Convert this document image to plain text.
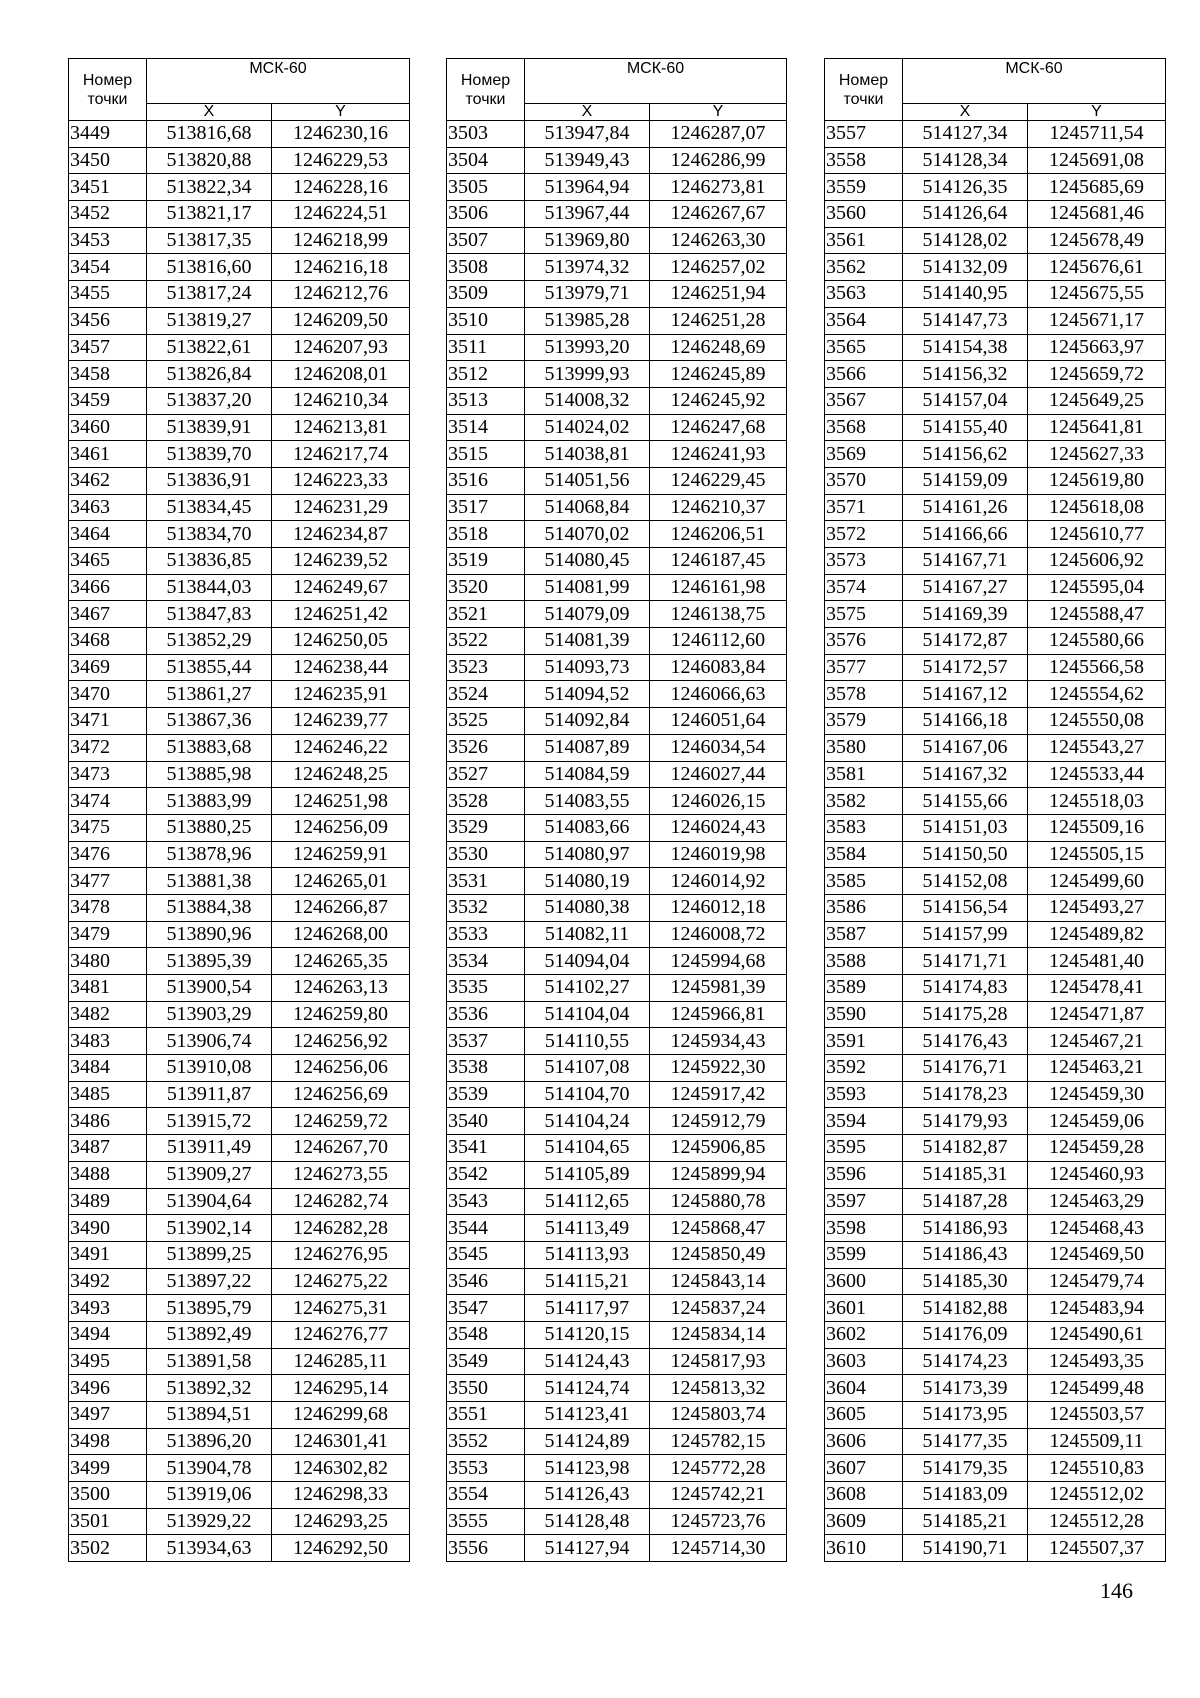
Номер
точки	МСК-60	
	X	Y
3449	513816,68	1246230,16
3450	513820,88	1246229,53
3451	513822,34	1246228,16
3452	513821,17	1246224,51
3453	513817,35	1246218,99
3454	513816,60	1246216,18
3455	513817,24	1246212,76
3456	513819,27	1246209,50
3457	513822,61	1246207,93
3458	513826,84	1246208,01
3459	513837,20	1246210,34
3460	513839,91	1246213,81
3461	513839,70	1246217,74
3462	513836,91	1246223,33
3463	513834,45	1246231,29
3464	513834,70	1246234,87
3465	513836,85	1246239,52
3466	513844,03	1246249,67
3467	513847,83	1246251,42
3468	513852,29	1246250,05
3469	513855,44	1246238,44
3470	513861,27	1246235,91
3471	513867,36	1246239,77
3472	513883,68	1246246,22
3473	513885,98	1246248,25
3474	513883,99	1246251,98
3475	513880,25	1246256,09
3476	513878,96	1246259,91
3477	513881,38	1246265,01
3478	513884,38	1246266,87
3479	513890,96	1246268,00
3480	513895,39	1246265,35
3481	513900,54	1246263,13
3482	513903,29	1246259,80
3483	513906,74	1246256,92
3484	513910,08	1246256,06
3485	513911,87	1246256,69
3486	513915,72	1246259,72
3487	513911,49	1246267,70
3488	513909,27	1246273,55
3489	513904,64	1246282,74
3490	513902,14	1246282,28
3491	513899,25	1246276,95
3492	513897,22	1246275,22
3493	513895,79	1246275,31
3494	513892,49	1246276,77
3495	513891,58	1246285,11
3496	513892,32	1246295,14
3497	513894,51	1246299,68
3498	513896,20	1246301,41
3499	513904,78	1246302,82
3500	513919,06	1246298,33
3501	513929,22	1246293,25
3502	513934,63	1246292,50
Номер
точки	МСК-60	
	X	Y
3503	513947,84	1246287,07
3504	513949,43	1246286,99
3505	513964,94	1246273,81
3506	513967,44	1246267,67
3507	513969,80	1246263,30
3508	513974,32	1246257,02
3509	513979,71	1246251,94
3510	513985,28	1246251,28
3511	513993,20	1246248,69
3512	513999,93	1246245,89
3513	514008,32	1246245,92
3514	514024,02	1246247,68
3515	514038,81	1246241,93
3516	514051,56	1246229,45
3517	514068,84	1246210,37
3518	514070,02	1246206,51
3519	514080,45	1246187,45
3520	514081,99	1246161,98
3521	514079,09	1246138,75
3522	514081,39	1246112,60
3523	514093,73	1246083,84
3524	514094,52	1246066,63
3525	514092,84	1246051,64
3526	514087,89	1246034,54
3527	514084,59	1246027,44
3528	514083,55	1246026,15
3529	514083,66	1246024,43
3530	514080,97	1246019,98
3531	514080,19	1246014,92
3532	514080,38	1246012,18
3533	514082,11	1246008,72
3534	514094,04	1245994,68
3535	514102,27	1245981,39
3536	514104,04	1245966,81
3537	514110,55	1245934,43
3538	514107,08	1245922,30
3539	514104,70	1245917,42
3540	514104,24	1245912,79
3541	514104,65	1245906,85
3542	514105,89	1245899,94
3543	514112,65	1245880,78
3544	514113,49	1245868,47
3545	514113,93	1245850,49
3546	514115,21	1245843,14
3547	514117,97	1245837,24
3548	514120,15	1245834,14
3549	514124,43	1245817,93
3550	514124,74	1245813,32
3551	514123,41	1245803,74
3552	514124,89	1245782,15
3553	514123,98	1245772,28
3554	514126,43	1245742,21
3555	514128,48	1245723,76
3556	514127,94	1245714,30
Номер
точки	МСК-60	
	X	Y
3557	514127,34	1245711,54
3558	514128,34	1245691,08
3559	514126,35	1245685,69
3560	514126,64	1245681,46
3561	514128,02	1245678,49
3562	514132,09	1245676,61
3563	514140,95	1245675,55
3564	514147,73	1245671,17
3565	514154,38	1245663,97
3566	514156,32	1245659,72
3567	514157,04	1245649,25
3568	514155,40	1245641,81
3569	514156,62	1245627,33
3570	514159,09	1245619,80
3571	514161,26	1245618,08
3572	514166,66	1245610,77
3573	514167,71	1245606,92
3574	514167,27	1245595,04
3575	514169,39	1245588,47
3576	514172,87	1245580,66
3577	514172,57	1245566,58
3578	514167,12	1245554,62
3579	514166,18	1245550,08
3580	514167,06	1245543,27
3581	514167,32	1245533,44
3582	514155,66	1245518,03
3583	514151,03	1245509,16
3584	514150,50	1245505,15
3585	514152,08	1245499,60
3586	514156,54	1245493,27
3587	514157,99	1245489,82
3588	514171,71	1245481,40
3589	514174,83	1245478,41
3590	514175,28	1245471,87
3591	514176,43	1245467,21
3592	514176,71	1245463,21
3593	514178,23	1245459,30
3594	514179,93	1245459,06
3595	514182,87	1245459,28
3596	514185,31	1245460,93
3597	514187,28	1245463,29
3598	514186,93	1245468,43
3599	514186,43	1245469,50
3600	514185,30	1245479,74
3601	514182,88	1245483,94
3602	514176,09	1245490,61
3603	514174,23	1245493,35
3604	514173,39	1245499,48
3605	514173,95	1245503,57
3606	514177,35	1245509,11
3607	514179,35	1245510,83
3608	514183,09	1245512,02
3609	514185,21	1245512,28
3610	514190,71	1245507,37
146
